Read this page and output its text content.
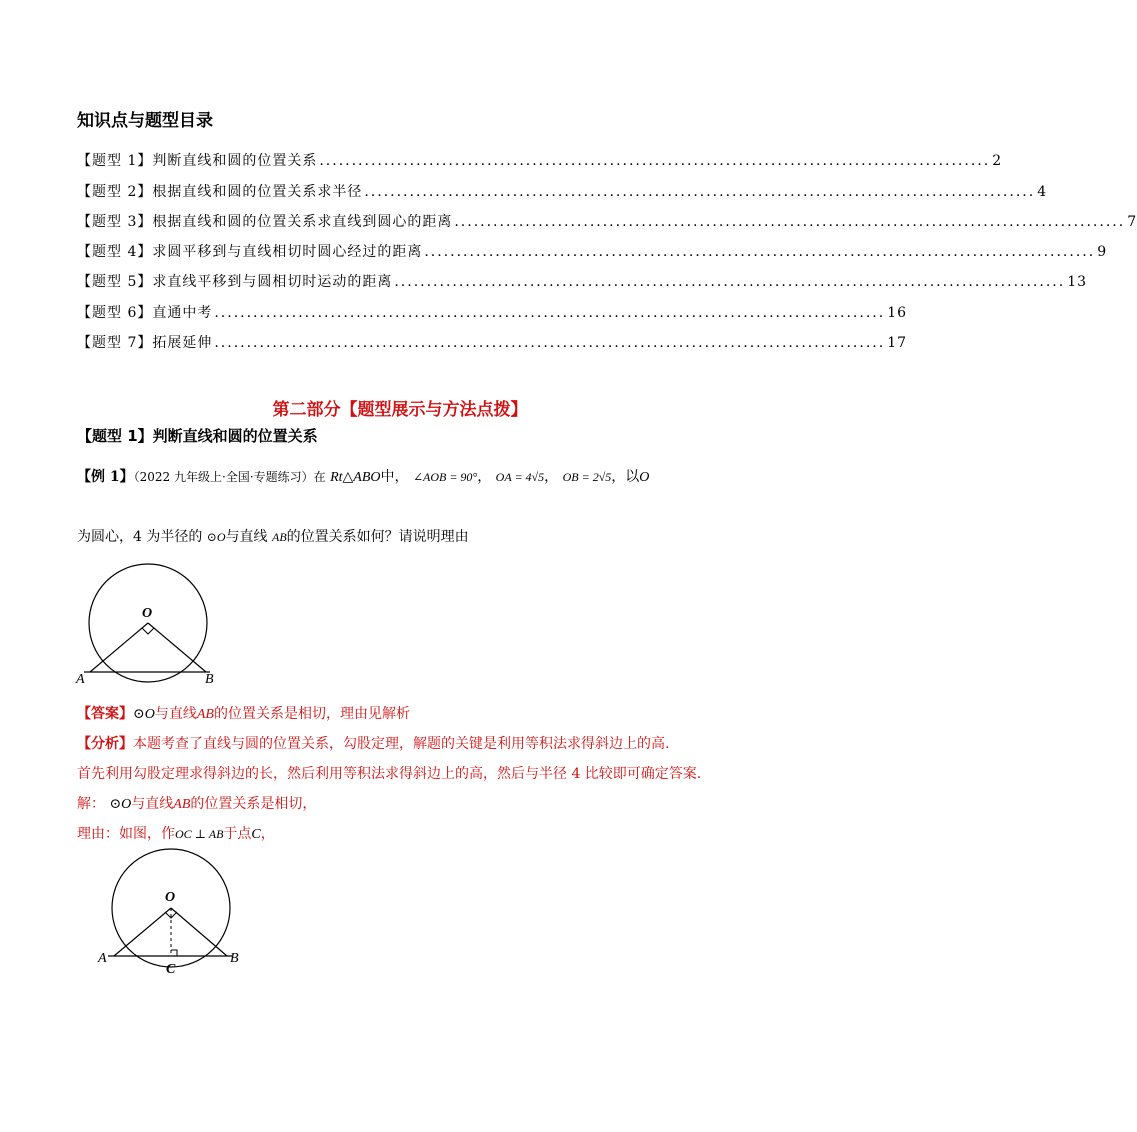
知识点与题型目录
【题型 1】判断直线和圆的位置关系 ........................................................................................................ 2
【题型 2】根据直线和圆的位置关系求半径 ........................................................................................................ 4
【题型 3】根据直线和圆的位置关系求直线到圆心的距离 ........................................................................................................ 7
【题型 4】求圆平移到与直线相切时圆心经过的距离 ........................................................................................................ 9
【题型 5】求直线平移到与圆相切时运动的距离 ........................................................................................................ 13
【题型 6】直通中考 ........................................................................................................ 16
【题型 7】拓展延伸 ........................................................................................................ 17
第二部分【题型展示与方法点拨】
【题型 1】判断直线和圆的位置关系
【例 1】（2022 九年级上·全国·专题练习）在 Rt△ABO中， ∠AOB = 90°， OA = 4√5， OB = 2√5，以O
为圆心，4 为半径的 ⊙O与直线 AB的位置关系如何？请说明理由
O
A	B
【答案】⊙O与直线AB的位置关系是相切，理由见解析
【分析】本题考查了直线与圆的位置关系，勾股定理，解题的关键是利用等积法求得斜边上的高.
首先利用勾股定理求得斜边的长，然后利用等积法求得斜边上的高，然后与半径 4 比较即可确定答案.
解： ⊙O与直线AB的位置关系是相切，
理由：如图，作OC ⊥ AB于点C，
O
A	B
C
